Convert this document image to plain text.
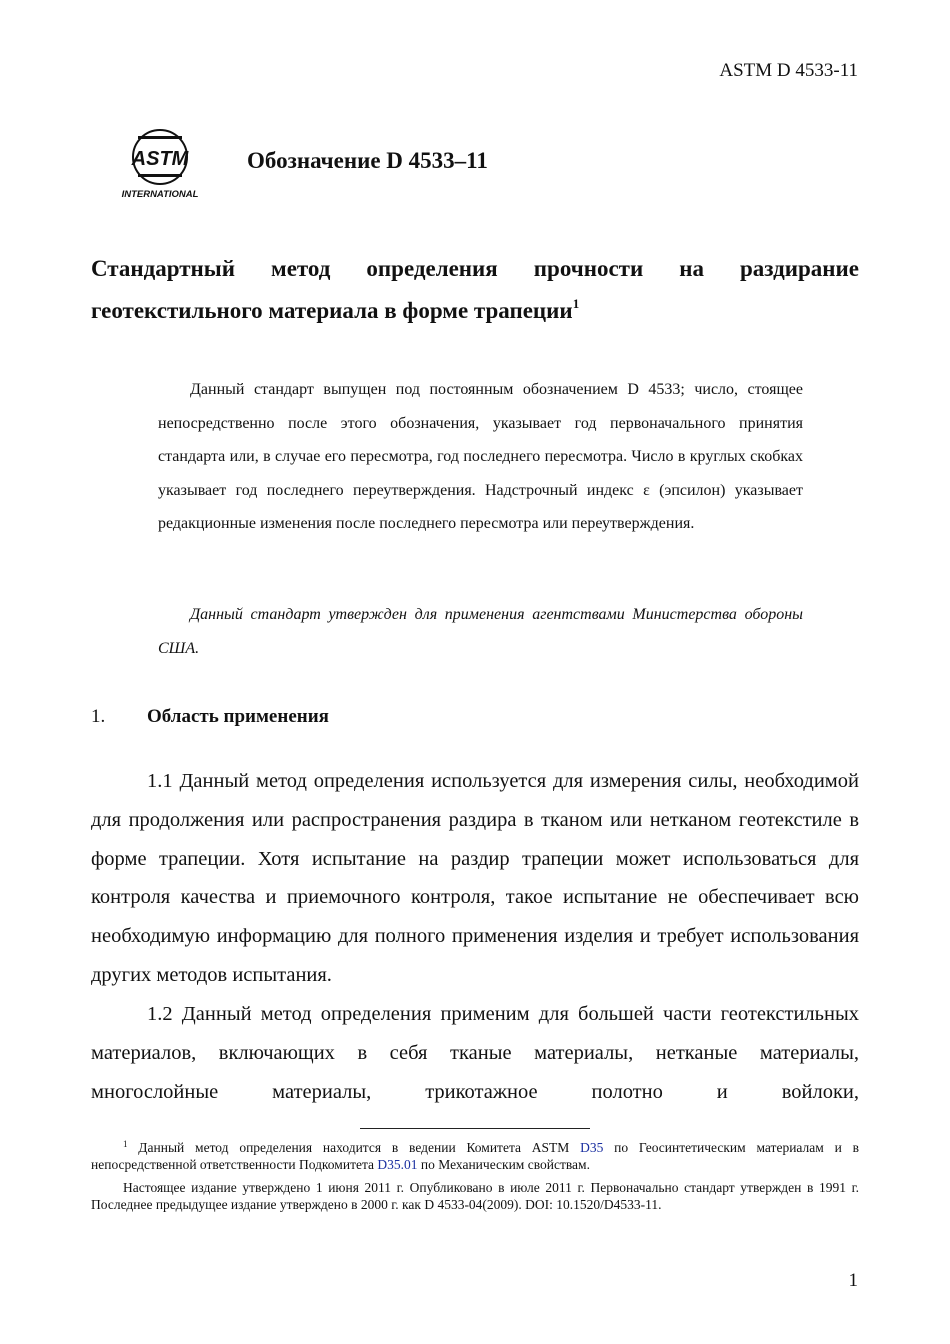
ASTM D 4533-11
ASTM
INTERNATIONAL
Обозначение D 4533–11
Стандартный метод определения прочности на раздирание геотекстильного материала в форме трапеции$^1$

Данный стандарт выпущен под постоянным обозначением D 4533; число, стоящее непосредственно после этого обозначения, указывает год первоначального принятия стандарта или, в случае его пересмотра, год последнего пересмотра. Число в круглых скобках указывает год последнего переутверждения. Надстрочный индекс ε (эпсилон) указывает редакционные изменения после последнего пересмотра или переутверждения.

Данный стандарт утвержден для применения агентствами Министерства обороны США.

1. Область применения

1.1 Данный метод определения используется для измерения силы, необходимой для продолжения или распространения раздира в тканом или нетканом геотекстиле в форме трапеции. Хотя испытание на раздир трапеции может использоваться для контроля качества и приемочного контроля, такое испытание не обеспечивает всю необходимую информацию для полного применения изделия и требует использования других методов испытания.

1.2 Данный метод определения применим для большей части геотекстильных материалов, включающих в себя тканые материалы, нетканые материалы, многослойные материалы, трикотажное полотно и войлоки,

$^1$ Данный метод определения находится в ведении Комитета ASTM D35 по Геосинтетическим материалам и в непосредственной ответственности Подкомитета D35.01 по Механическим свойствам.

Настоящее издание утверждено 1 июня 2011 г. Опубликовано в июле 2011 г. Первоначально стандарт утвержден в 1991 г. Последнее предыдущее издание утверждено в 2000 г. как D 4533-04(2009). DOI: 10.1520/D4533-11.

1
